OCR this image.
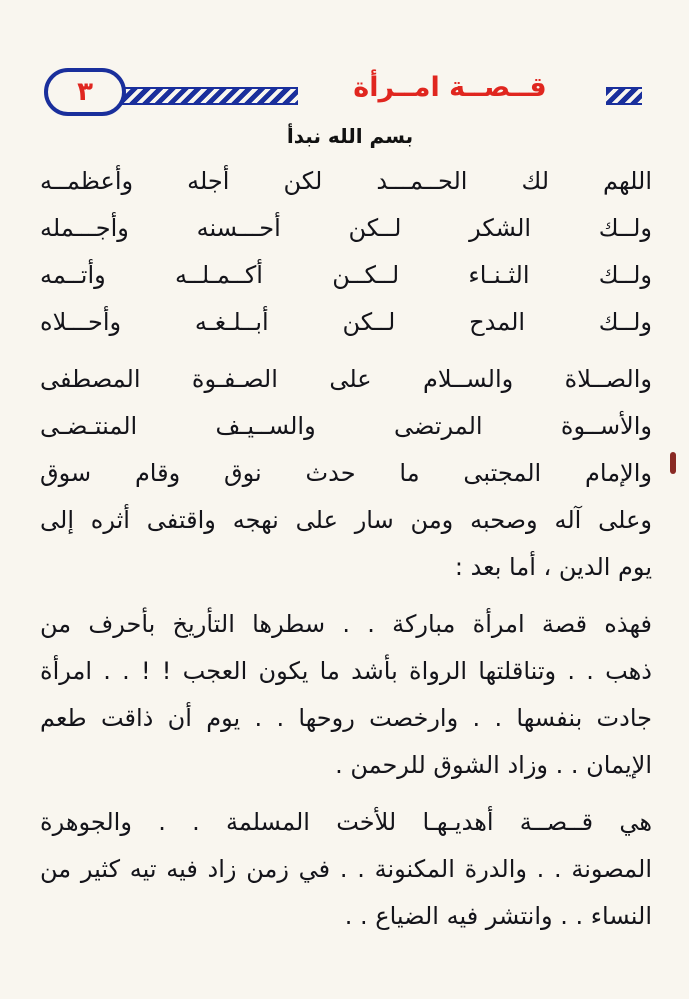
٣	قــصــة امــرأة
بسم الله نبدأ
اللهم لك الحــمـــد لكن أجله وأعظمــه
ولــك الشكر لــكن أحـــسنه وأجـــمله
ولــك الثـنـاء لــكــن أكــمـلــه وأتــمه
ولــك المدح لــكن أبــلـغـه وأحـــلاه
والصــلاة والســلام على الصـفـوة المصطفى
والأســوة المرتضى والســيـف المنتـضـى
والإمام المجتبى ما حدث نوق وقام سوق
وعلى آله وصحبه ومن سار على نهجه واقتفى أثره إلى
يوم الدين ، أما بعد :
فهذه قصة امرأة مباركة . . سطرها التأريخ بأحرف من
ذهب . . وتناقلتها الرواة بأشد ما يكون العجب ! ! . . امرأة
جادت بنفسها . . وارخصت روحها . . يوم أن ذاقت طعم
الإيمان . . وزاد الشوق للرحمن .
هي قــصــة أهديـهـا للأخت المسلمة . . والجوهرة
المصونة . . والدرة المكنونة . . في زمن زاد فيه تيه كثير من
النساء . . وانتشر فيه الضياع . .
